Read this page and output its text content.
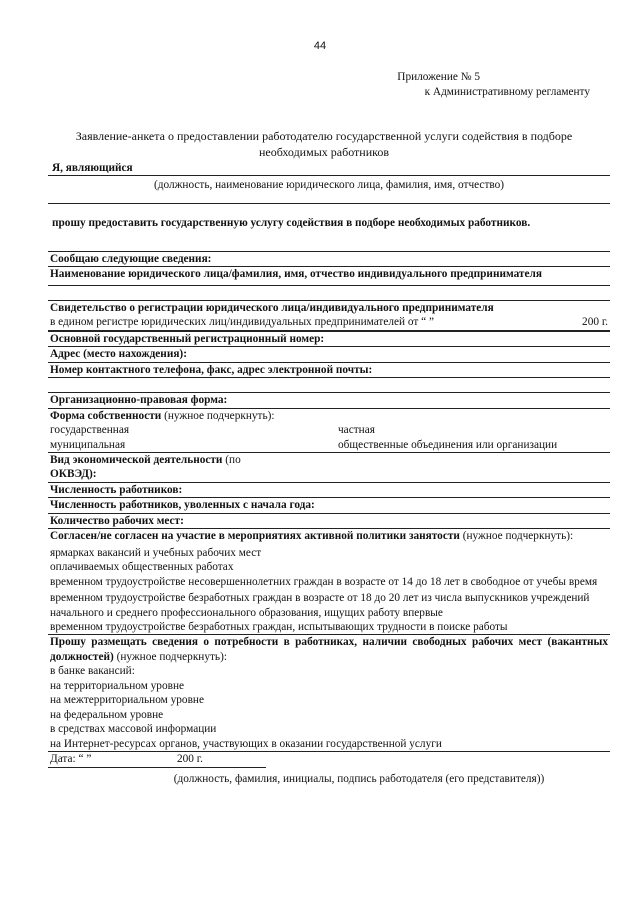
44
Приложение № 5
к Административному регламенту
Заявление-анкета о предоставлении работодателю государственной услуги содействия в подборе необходимых работников
Я, являющийся
(должность, наименование юридического лица, фамилия, имя, отчество)
прошу предоставить государственную услугу содействия в подборе необходимых работников.
Сообщаю следующие сведения:
Наименование юридического лица/фамилия, имя, отчество индивидуального предпринимателя
Свидетельство о регистрации юридического лица/индивидуального предпринимателя
в едином регистре юридических лиц/индивидуальных предпринимателей от “ ”	200 г.
Основной государственный регистрационный номер:
Адрес (место нахождения):
Номер контактного телефона, факс, адрес электронной почты:
Организационно-правовая форма:
Форма собственности (нужное подчеркнуть):
государственная	частная
муниципальная	общественные объединения или организации
Вид экономической деятельности (по
ОКВЭД):
Численность работников:
Численность работников, уволенных с начала года:
Количество рабочих мест:
Согласен/не согласен на участие в мероприятиях активной политики занятости (нужное подчеркнуть):
ярмарках вакансий и учебных рабочих мест
оплачиваемых общественных работах
временном трудоустройстве несовершеннолетних граждан в возрасте от 14 до 18 лет в свободное от учебы время
временном трудоустройстве безработных граждан в возрасте от 18 до 20 лет из числа выпускников учреждений начального и среднего профессионального образования, ищущих работу впервые
временном трудоустройстве безработных граждан, испытывающих трудности в поиске работы
Прошу размещать сведения о потребности в работниках, наличии свободных рабочих мест (вакантных должностей) (нужное подчеркнуть):
в банке вакансий:
на территориальном уровне
на межтерриториальном уровне
на федеральном уровне
в средствах массовой информации
на Интернет-ресурсах органов, участвующих в оказании государственной услуги
Дата: “ ”	200 г.
(должность, фамилия, инициалы, подпись работодателя (его представителя))
